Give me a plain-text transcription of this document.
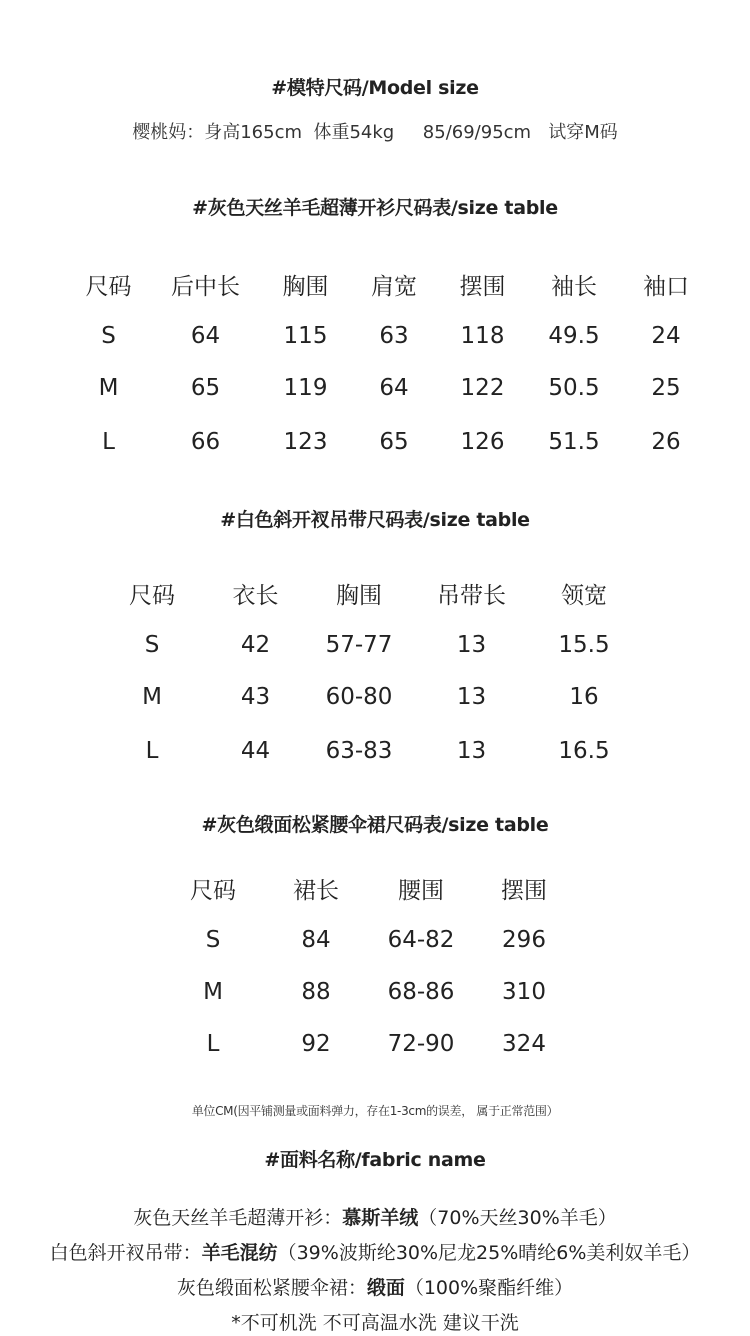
#模特尺码/Model size
樱桃妈：身高165cm  体重54kg     85/69/95cm   试穿M码
#灰色天丝羊毛超薄开衫尺码表/size table
尺码	后中长	胸围	肩宽	摆围	袖长	袖口
S	64	115	63	118	49.5	24
M	65	119	64	122	50.5	25
L	66	123	65	126	51.5	26
#白色斜开衩吊带尺码表/size table
尺码	衣长	胸围	吊带长	领宽
S	42	57-77	13	15.5
M	43	60-80	13	16
L	44	63-83	13	16.5
#灰色缎面松紧腰伞裙尺码表/size table
尺码	裙长	腰围	摆围
S	84	64-82	296
M	88	68-86	310
L	92	72-90	324
单位CM(因平铺测量或面料弹力，存在1-3cm的误差， 属于正常范围）
#面料名称/fabric name
灰色天丝羊毛超薄开衫：慕斯羊绒（70%天丝30%羊毛）
白色斜开衩吊带：羊毛混纺（39%波斯纶30%尼龙25%晴纶6%美利奴羊毛）
灰色缎面松紧腰伞裙：缎面（100%聚酯纤维）
*不可机洗 不可高温水洗 建议干洗
